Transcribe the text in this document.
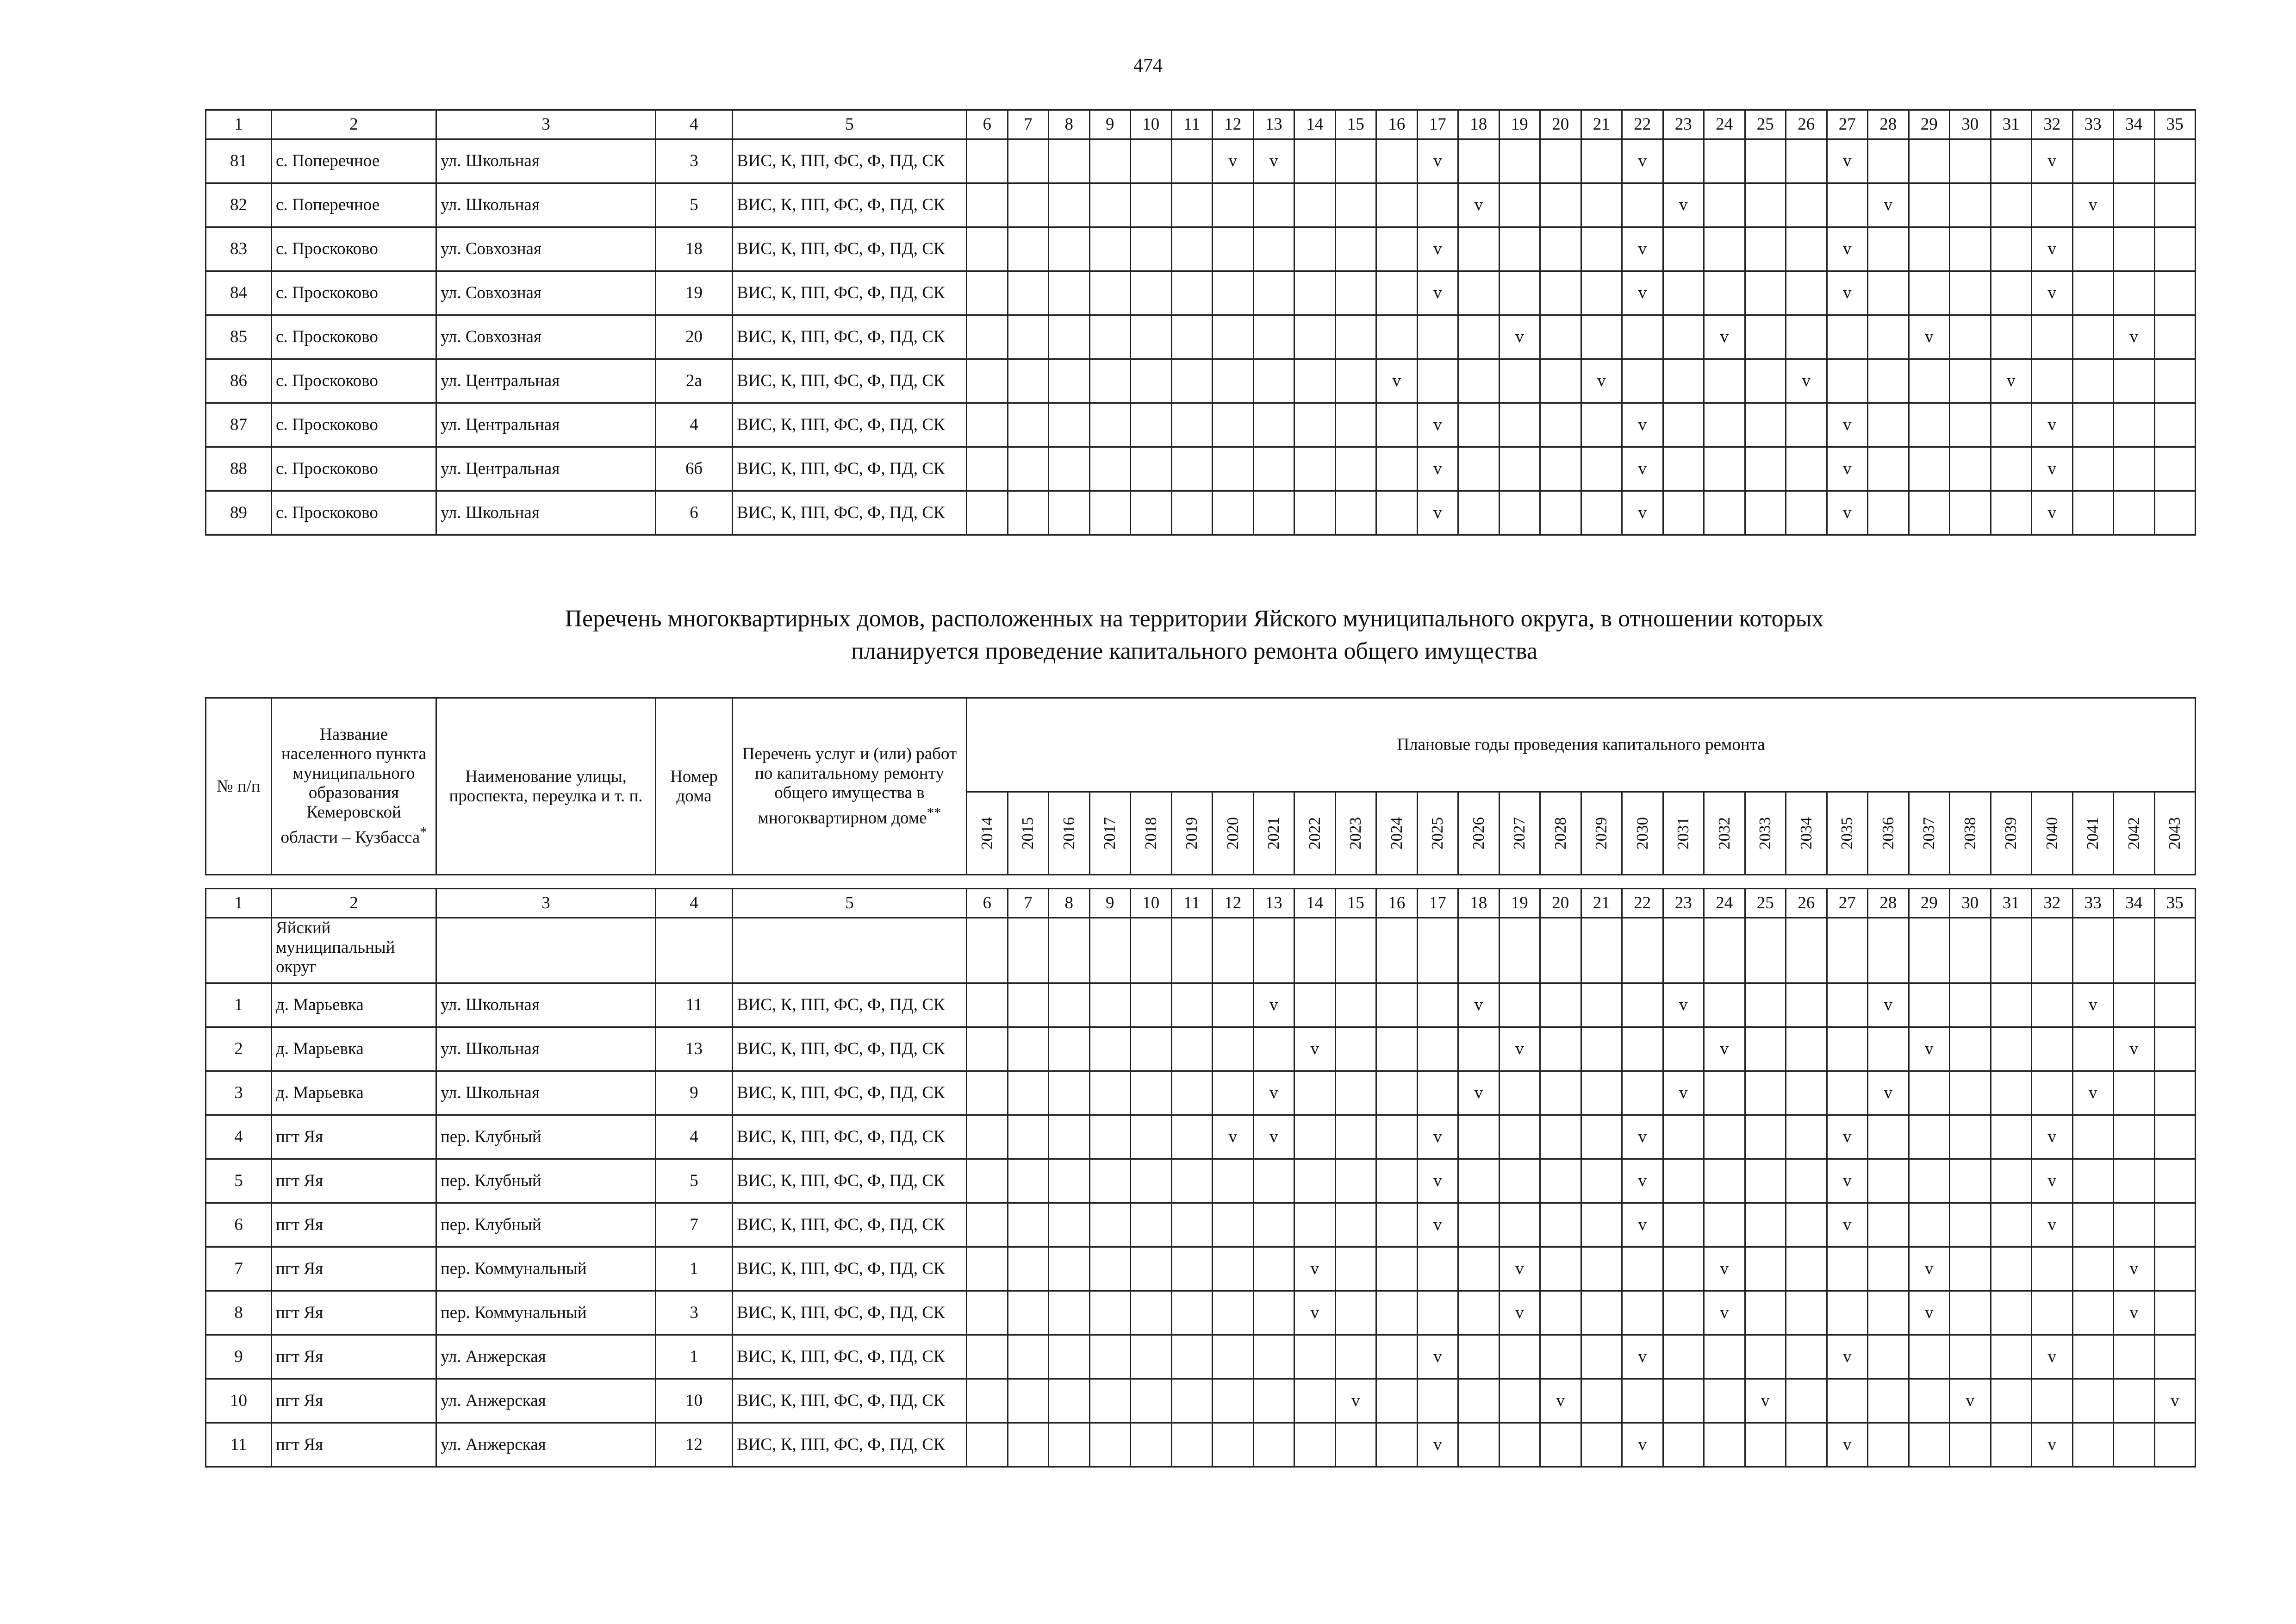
474
1	2	3	4	5	6	7	8	9	10	11	12	13	14	15	16	17	18	19	20	21	22	23	24	25	26	27	28	29	30	31	32	33	34	35
81	с. Поперечное	ул. Школьная	3	ВИС, К, ПП, ФС, Ф, ПД, СК							v	v				v					v					v					v			
82	с. Поперечное	ул. Школьная	5	ВИС, К, ПП, ФС, Ф, ПД, СК													v					v					v					v		
83	с. Проскоково	ул. Совхозная	18	ВИС, К, ПП, ФС, Ф, ПД, СК												v					v					v					v			
84	с. Проскоково	ул. Совхозная	19	ВИС, К, ПП, ФС, Ф, ПД, СК												v					v					v					v			
85	с. Проскоково	ул. Совхозная	20	ВИС, К, ПП, ФС, Ф, ПД, СК														v					v					v					v	
86	с. Проскоково	ул. Центральная	2а	ВИС, К, ПП, ФС, Ф, ПД, СК											v					v					v					v				
87	с. Проскоково	ул. Центральная	4	ВИС, К, ПП, ФС, Ф, ПД, СК												v					v					v					v			
88	с. Проскоково	ул. Центральная	6б	ВИС, К, ПП, ФС, Ф, ПД, СК												v					v					v					v			
89	с. Проскоково	ул. Школьная	6	ВИС, К, ПП, ФС, Ф, ПД, СК												v					v					v					v			
Перечень многоквартирных домов, расположенных на территории Яйского муниципального округа, в отношении которых
планируется проведение капитального ремонта общего имущества
№ п/п	Название населенного пункта муниципального образования Кемеровской области – Кузбасса*	Наименование улицы, проспекта, переулка и т. п.	Номер дома	Перечень услуг и (или) работ по капитальному ремонту общего имущества в многоквартирном доме**	Плановые годы проведения капитального ремонта																													

					2014	2015	2016	2017	2018	2019	2020	2021	2022	2023	2024	2025	2026	2027	2028	2029	2030	2031	2032	2033	2034	2035	2036	2037	2038	2039	2040	2041	2042	2043
1	2	3	4	5	6	7	8	9	10	11	12	13	14	15	16	17	18	19	20	21	22	23	24	25	26	27	28	29	30	31	32	33	34	35
	Яйский муниципальный округ																																	
1	д. Марьевка	ул. Школьная	11	ВИС, К, ПП, ФС, Ф, ПД, СК								v					v					v					v					v		
2	д. Марьевка	ул. Школьная	13	ВИС, К, ПП, ФС, Ф, ПД, СК									v					v					v					v					v	
3	д. Марьевка	ул. Школьная	9	ВИС, К, ПП, ФС, Ф, ПД, СК								v					v					v					v					v		
4	пгт Яя	пер. Клубный	4	ВИС, К, ПП, ФС, Ф, ПД, СК							v	v				v					v					v					v			
5	пгт Яя	пер. Клубный	5	ВИС, К, ПП, ФС, Ф, ПД, СК												v					v					v					v			
6	пгт Яя	пер. Клубный	7	ВИС, К, ПП, ФС, Ф, ПД, СК												v					v					v					v			
7	пгт Яя	пер. Коммунальный	1	ВИС, К, ПП, ФС, Ф, ПД, СК									v					v					v					v					v	
8	пгт Яя	пер. Коммунальный	3	ВИС, К, ПП, ФС, Ф, ПД, СК									v					v					v					v					v	
9	пгт Яя	ул. Анжерская	1	ВИС, К, ПП, ФС, Ф, ПД, СК												v					v					v					v			
10	пгт Яя	ул. Анжерская	10	ВИС, К, ПП, ФС, Ф, ПД, СК										v					v					v					v					v
11	пгт Яя	ул. Анжерская	12	ВИС, К, ПП, ФС, Ф, ПД, СК												v					v					v					v			
